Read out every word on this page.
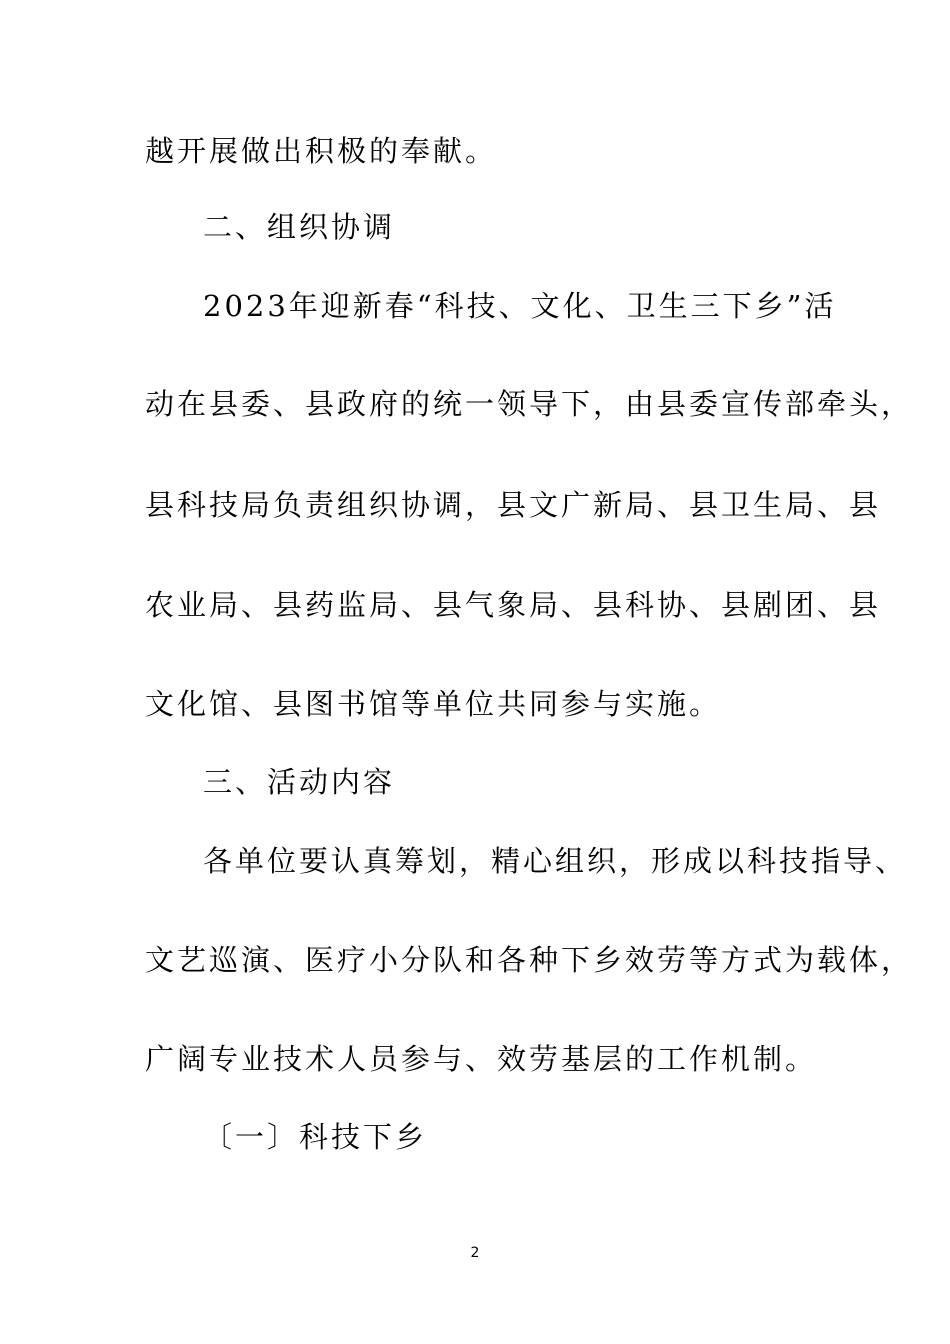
越开展做出积极的奉献。
二、组织协调
2023年迎新春“科技、文化、卫生三下乡”活
动在县委、县政府的统一领导下，由县委宣传部牵头，
县科技局负责组织协调，县文广新局、县卫生局、县
农业局、县药监局、县气象局、县科协、县剧团、县
文化馆、县图书馆等单位共同参与实施。
三、活动内容
各单位要认真筹划，精心组织，形成以科技指导、
文艺巡演、医疗小分队和各种下乡效劳等方式为载体，
广阔专业技术人员参与、效劳基层的工作机制。
〔一〕科技下乡
2
